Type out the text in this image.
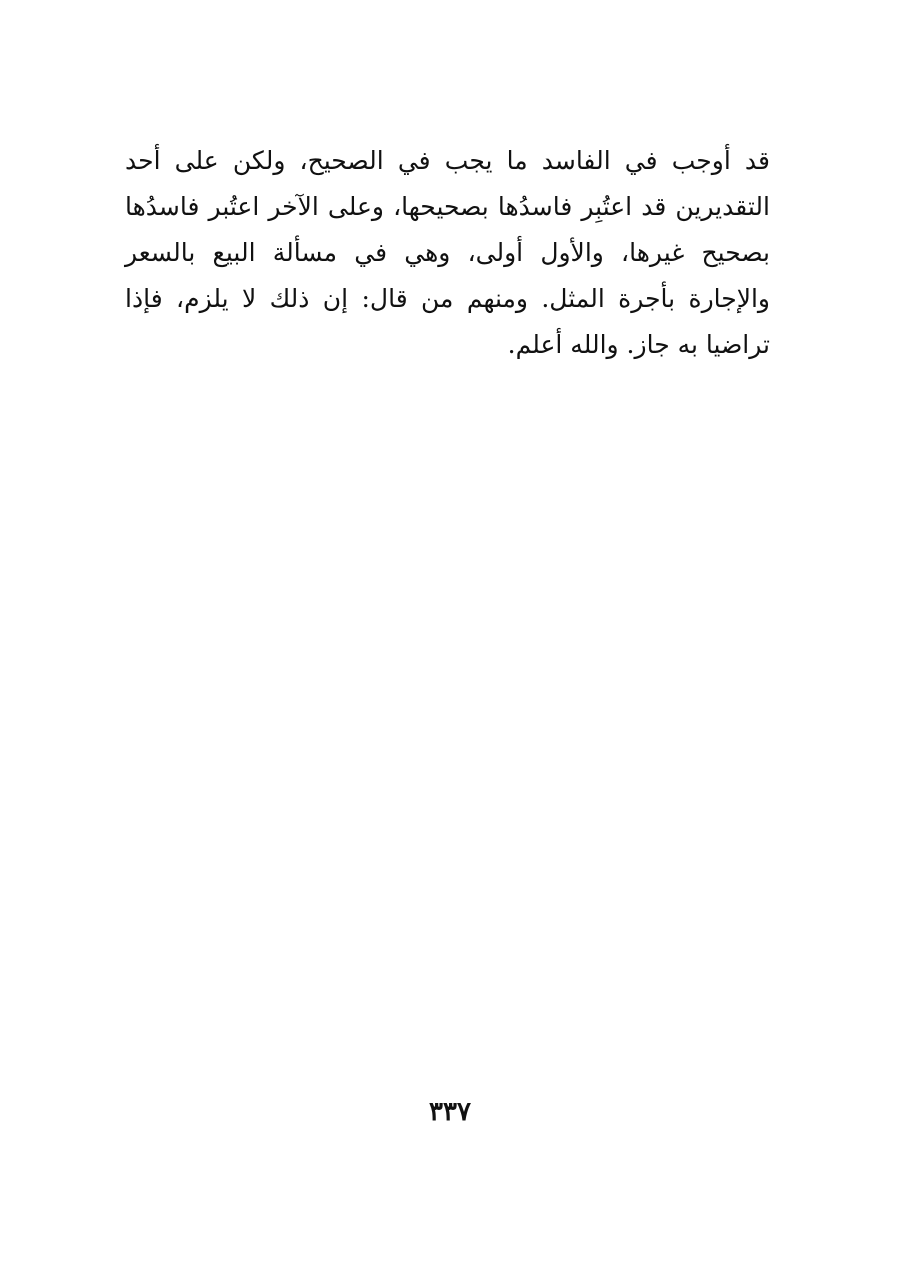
قد أوجب في الفاسد ما يجب في الصحيح، ولكن على أحد
التقديرين قد اعتُبِر فاسدُها بصحيحها، وعلى الآخر اعتُبر فاسدُها
بصحيح غيرها، والأول أولى، وهي في مسألة البيع بالسعر
والإجارة بأجرة المثل. ومنهم من قال: إن ذلك لا يلزم، فإذا
تراضيا به جاز. والله أعلم.
٣٣٧
